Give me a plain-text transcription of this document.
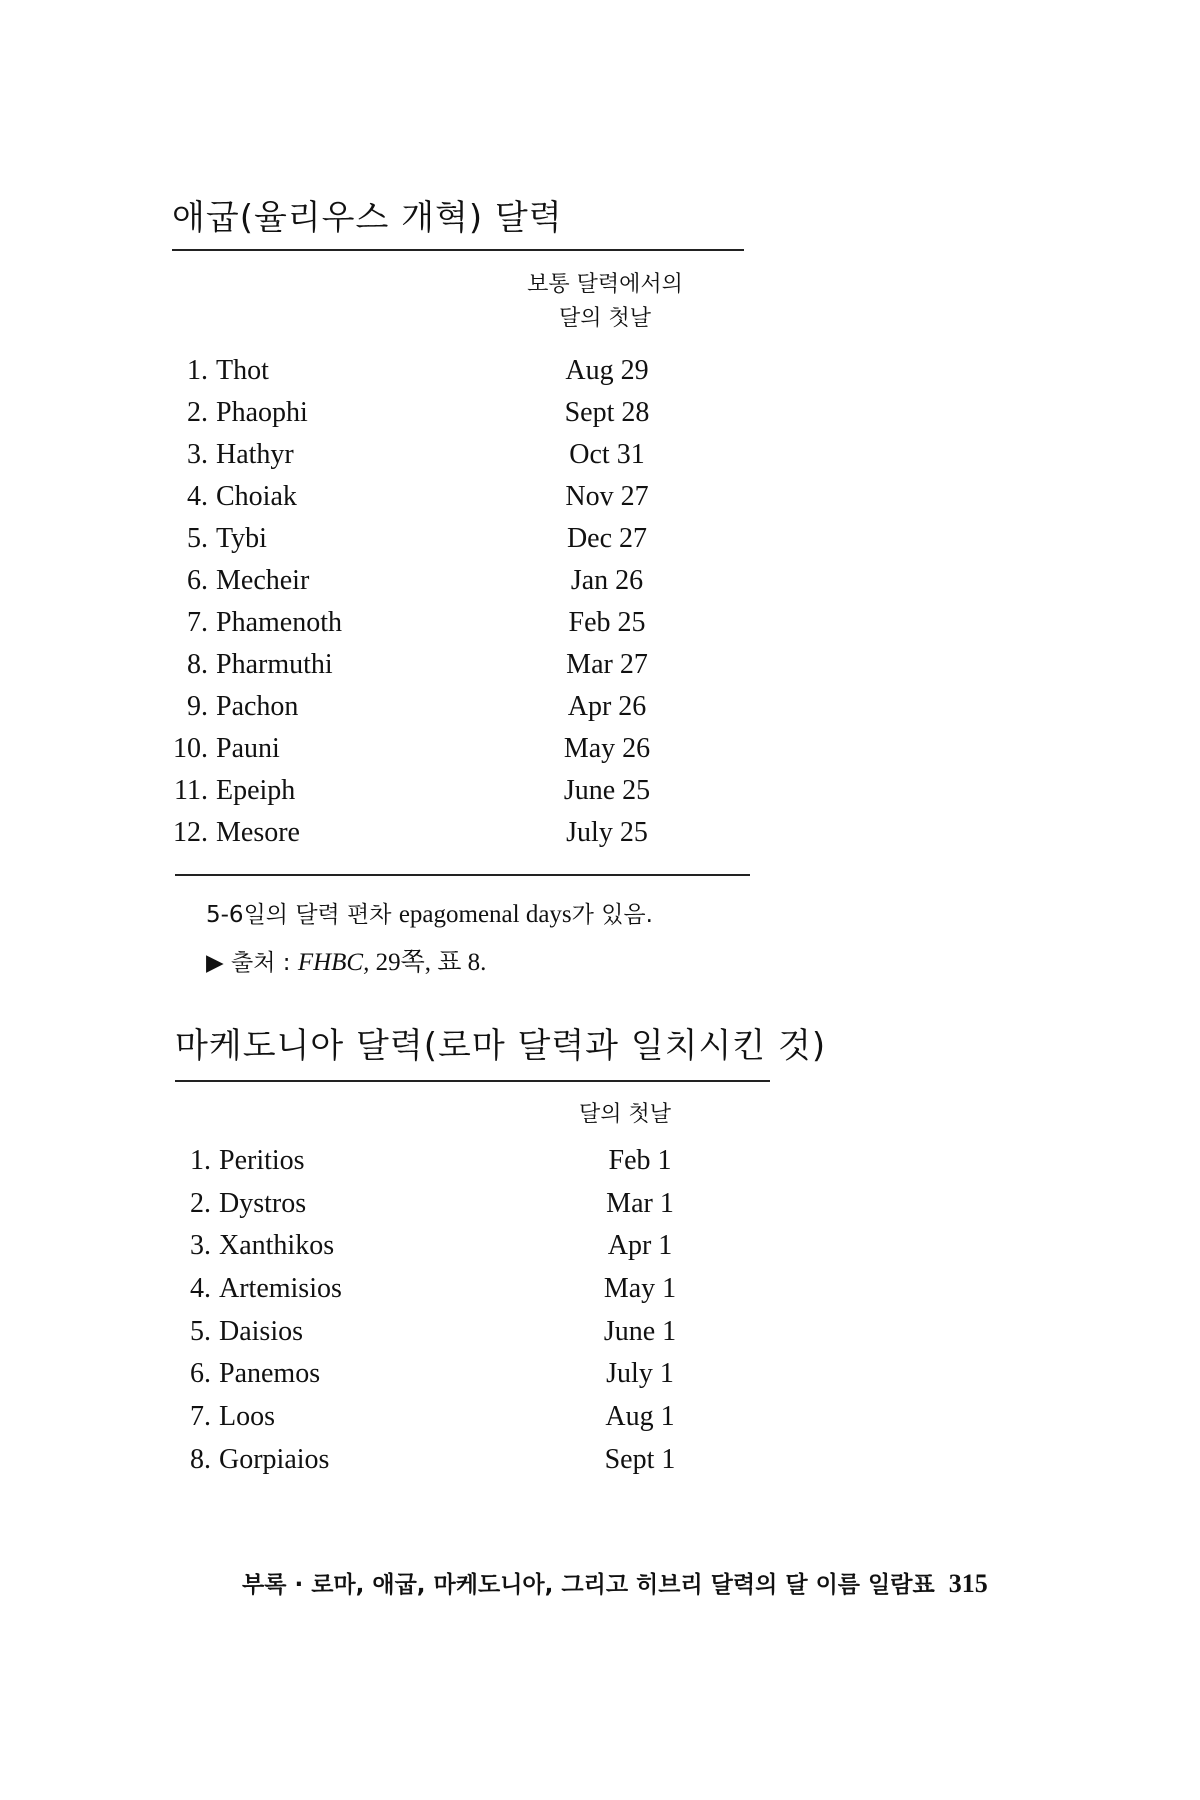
애굽(율리우스 개혁) 달력
보통 달력에서의
달의 첫날
1. Thot	Aug 29
2. Phaophi	Sept 28
3. Hathyr	Oct 31
4. Choiak	Nov 27
5. Tybi	Dec 27
6. Mecheir	Jan 26
7. Phamenoth	Feb 25
8. Pharmuthi	Mar 27
9. Pachon	Apr 26
10. Pauni	May 26
11. Epeiph	June 25
12. Mesore	July 25
5-6일의 달력 편차 epagomenal days가 있음.
▶ 출처 : FHBC, 29쪽, 표 8.
마케도니아 달력(로마 달력과 일치시킨 것)
달의 첫날
1. Peritios	Feb 1
2. Dystros	Mar 1
3. Xanthikos	Apr 1
4. Artemisios	May 1
5. Daisios	June 1
6. Panemos	July 1
7. Loos	Aug 1
8. Gorpiaios	Sept 1
부록 · 로마, 애굽, 마케도니아, 그리고 히브리 달력의 달 이름 일람표 315
